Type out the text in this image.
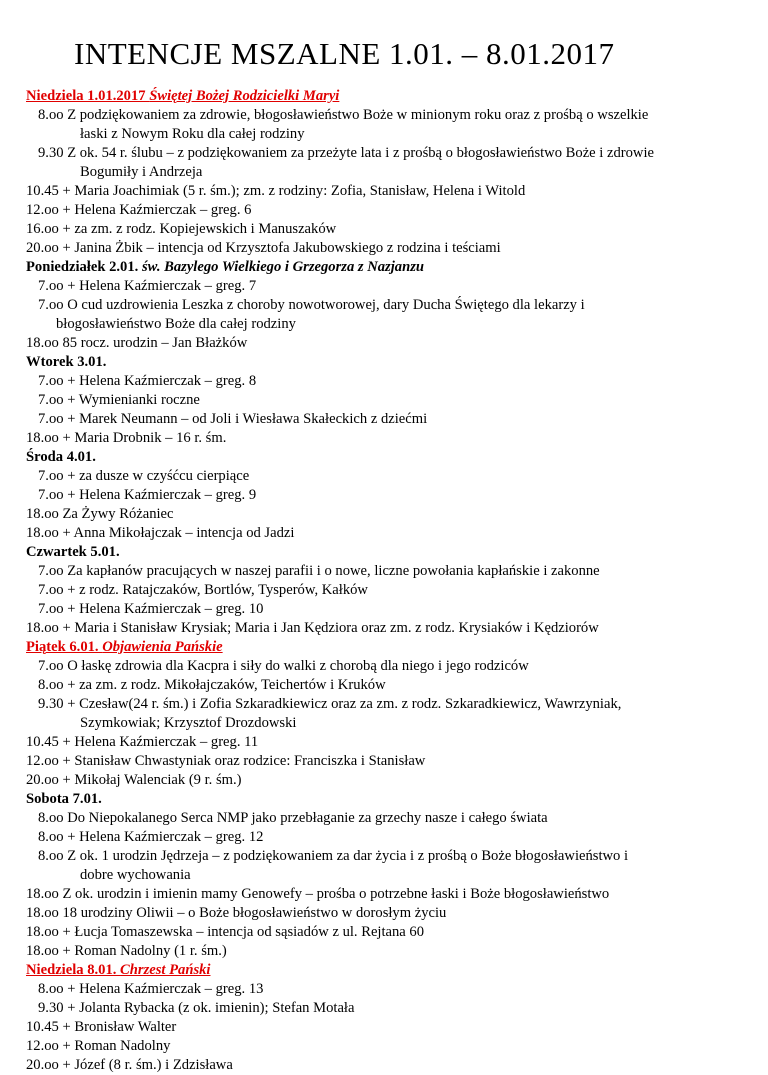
INTENCJE MSZALNE 1.01. – 8.01.2017
Niedziela 1.01.2017 Świętej Bożej Rodzicielki Maryi
8.oo Z podziękowaniem za zdrowie, błogosławieństwo Boże w minionym roku oraz z prośbą o wszelkie
łaski z Nowym Roku dla całej rodziny
9.30 Z ok. 54 r. ślubu – z podziękowaniem za przeżyte lata i z prośbą o błogosławieństwo Boże i zdrowie
Bogumiły i Andrzeja
10.45 + Maria Joachimiak (5 r. śm.); zm. z rodziny: Zofia, Stanisław, Helena i Witold
12.oo + Helena Kaźmierczak – greg. 6
16.oo + za zm. z rodz. Kopiejewskich i Manuszaków
20.oo + Janina Żbik – intencja od Krzysztofa Jakubowskiego z rodzina i teściami
Poniedziałek 2.01. św. Bazylego Wielkiego i Grzegorza z Nazjanzu
7.oo + Helena Kaźmierczak – greg. 7
7.oo O cud uzdrowienia Leszka z choroby nowotworowej, dary Ducha Świętego dla lekarzy i
błogosławieństwo Boże dla całej rodziny
18.oo 85 rocz. urodzin – Jan Błażków
Wtorek 3.01.
7.oo + Helena Kaźmierczak – greg. 8
7.oo + Wymienianki roczne
7.oo + Marek Neumann – od Joli i Wiesława Skałeckich z dziećmi
18.oo + Maria Drobnik – 16 r. śm.
Środa 4.01.
7.oo + za dusze w czyśćcu cierpiące
7.oo + Helena Kaźmierczak – greg. 9
18.oo Za Żywy Różaniec
18.oo + Anna Mikołajczak – intencja od Jadzi
Czwartek 5.01.
7.oo Za kapłanów pracujących w naszej parafii i o nowe, liczne powołania kapłańskie i zakonne
7.oo + z rodz. Ratajczaków, Bortlów, Tysperów, Kałków
7.oo + Helena Kaźmierczak – greg. 10
18.oo + Maria i Stanisław Krysiak; Maria i Jan Kędziora oraz zm. z rodz. Krysiaków i Kędziorów
Piątek 6.01. Objawienia Pańskie
7.oo O łaskę zdrowia dla Kacpra i siły do walki z chorobą dla niego i jego rodziców
8.oo + za zm. z rodz. Mikołajczaków, Teichertów i Kruków
9.30 + Czesław(24 r. śm.) i Zofia Szkaradkiewicz oraz za zm. z rodz. Szkaradkiewicz, Wawrzyniak,
Szymkowiak; Krzysztof Drozdowski
10.45 + Helena Kaźmierczak – greg. 11
12.oo + Stanisław Chwastyniak oraz rodzice: Franciszka i Stanisław
20.oo + Mikołaj Walenciak (9 r. śm.)
Sobota 7.01.
8.oo Do Niepokalanego Serca NMP jako przebłaganie za grzechy nasze i całego świata
8.oo + Helena Kaźmierczak – greg. 12
8.oo Z ok. 1 urodzin Jędrzeja – z podziękowaniem za dar życia i z prośbą o Boże błogosławieństwo i
dobre wychowania
18.oo Z ok. urodzin i imienin mamy Genowefy – prośba o potrzebne łaski i Boże błogosławieństwo
18.oo 18 urodziny Oliwii – o Boże błogosławieństwo w dorosłym życiu
18.oo + Łucja Tomaszewska – intencja od sąsiadów z ul. Rejtana 60
18.oo + Roman Nadolny (1 r. śm.)
Niedziela 8.01. Chrzest Pański
8.oo + Helena Kaźmierczak – greg. 13
9.30 + Jolanta Rybacka (z ok. imienin); Stefan Motała
10.45 + Bronisław Walter
12.oo + Roman Nadolny
20.oo + Józef (8 r. śm.) i Zdzisława
